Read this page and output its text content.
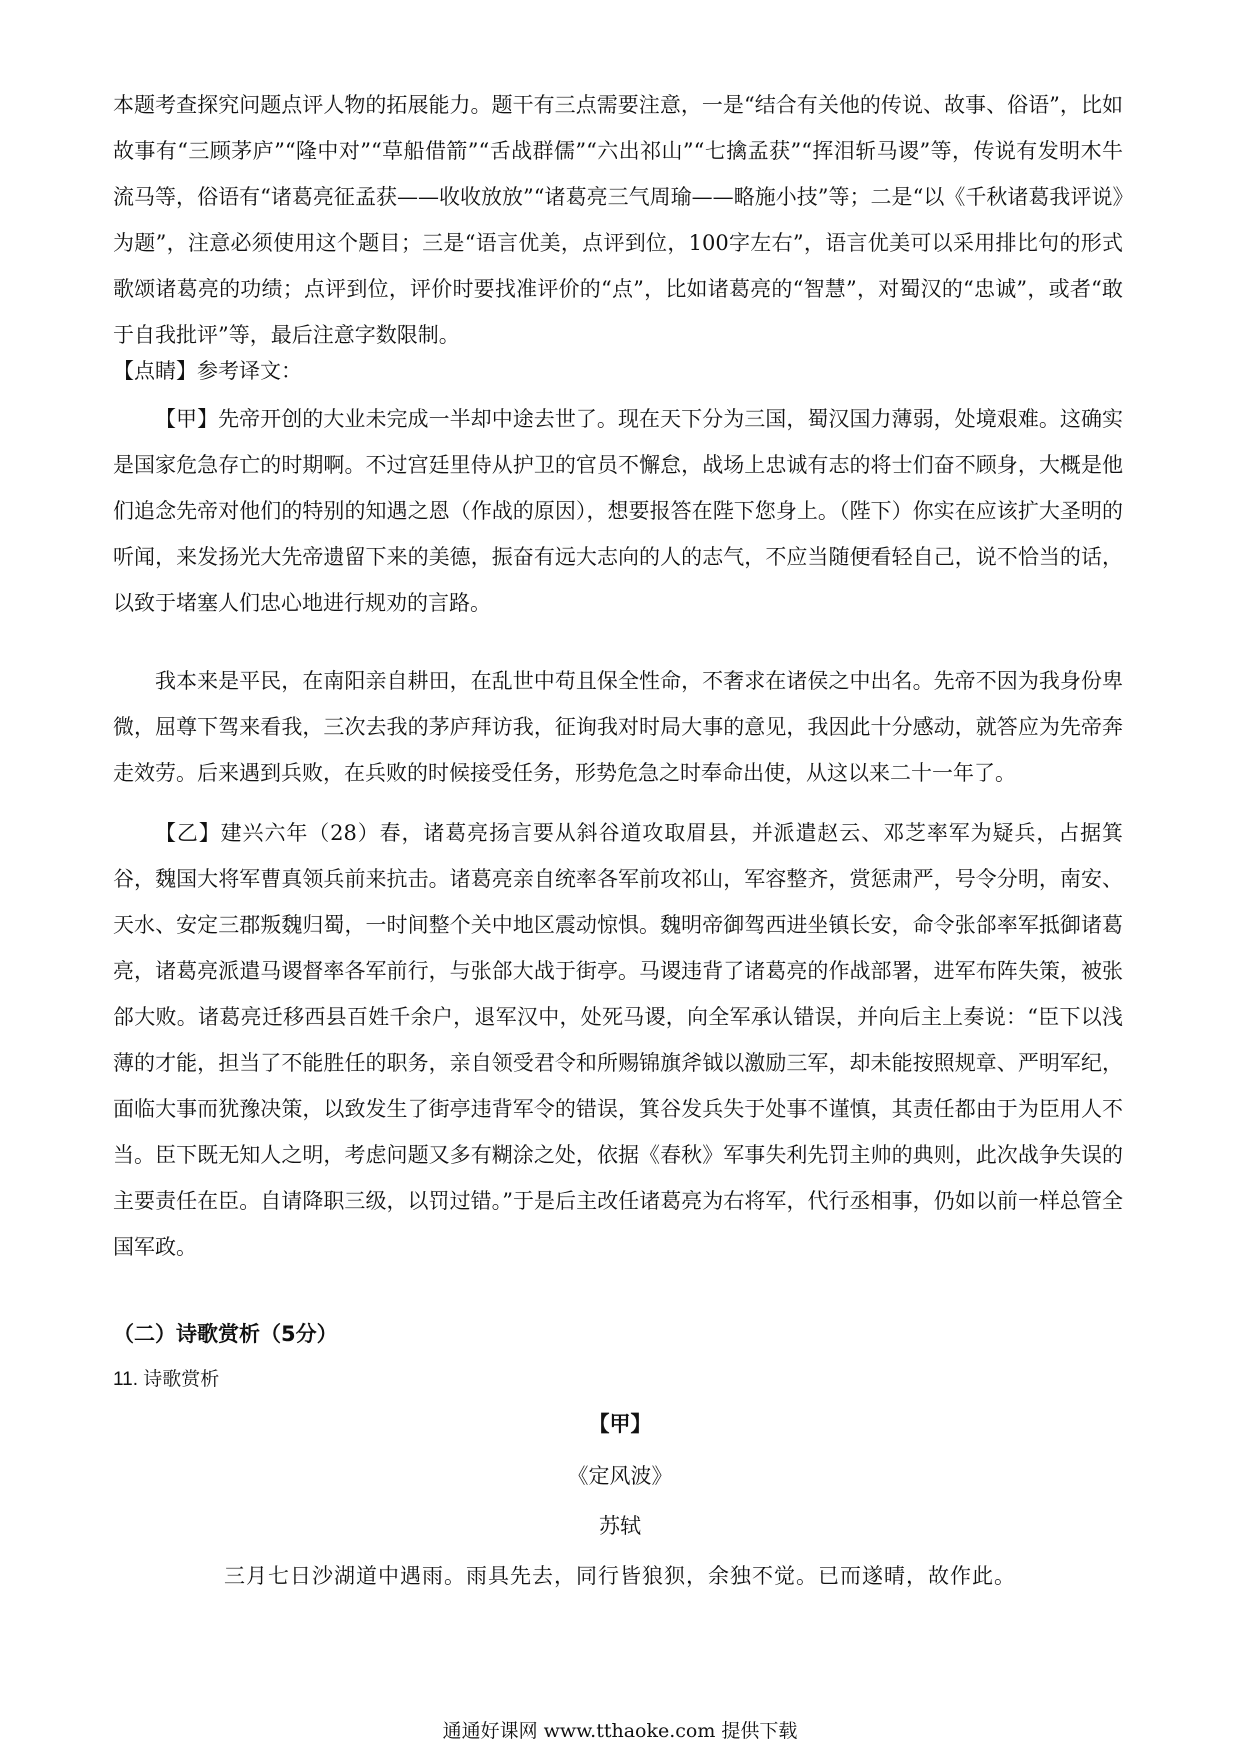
本题考查探究问题点评人物的拓展能力。题干有三点需要注意，一是“结合有关他的传说、故事、俗语”，比如故事有“三顾茅庐”“隆中对”“草船借箭”“舌战群儒”“六出祁山”“七擒孟获”“挥泪斩马谡”等，传说有发明木牛流马等，俗语有“诸葛亮征孟获——收收放放”“诸葛亮三气周瑜——略施小技”等；二是“以《千秋诸葛我评说》为题”，注意必须使用这个题目；三是“语言优美，点评到位，100字左右”，语言优美可以采用排比句的形式歌颂诸葛亮的功绩；点评到位，评价时要找准评价的“点”，比如诸葛亮的“智慧”，对蜀汉的“忠诚”，或者“敢于自我批评”等，最后注意字数限制。

【点睛】参考译文：

【甲】先帝开创的大业未完成一半却中途去世了。现在天下分为三国，蜀汉国力薄弱，处境艰难。这确实是国家危急存亡的时期啊。不过宫廷里侍从护卫的官员不懈怠，战场上忠诚有志的将士们奋不顾身，大概是他们追念先帝对他们的特别的知遇之恩（作战的原因），想要报答在陛下您身上。（陛下）你实在应该扩大圣明的听闻，来发扬光大先帝遗留下来的美德，振奋有远大志向的人的志气，不应当随便看轻自己，说不恰当的话，以致于堵塞人们忠心地进行规劝的言路。

我本来是平民，在南阳亲自耕田，在乱世中苟且保全性命，不奢求在诸侯之中出名。先帝不因为我身份卑微，屈尊下驾来看我，三次去我的茅庐拜访我，征询我对时局大事的意见，我因此十分感动，就答应为先帝奔走效劳。后来遇到兵败，在兵败的时候接受任务，形势危急之时奉命出使，从这以来二十一年了。

【乙】建兴六年（28）春，诸葛亮扬言要从斜谷道攻取眉县，并派遣赵云、邓芝率军为疑兵，占据箕谷，魏国大将军曹真领兵前来抗击。诸葛亮亲自统率各军前攻祁山，军容整齐，赏惩肃严，号令分明，南安、天水、安定三郡叛魏归蜀，一时间整个关中地区震动惊惧。魏明帝御驾西进坐镇长安，命令张郃率军抵御诸葛亮，诸葛亮派遣马谡督率各军前行，与张郃大战于街亭。马谡违背了诸葛亮的作战部署，进军布阵失策，被张郃大败。诸葛亮迁移西县百姓千余户，退军汉中，处死马谡，向全军承认错误，并向后主上奏说：“臣下以浅薄的才能，担当了不能胜任的职务，亲自领受君令和所赐锦旗斧钺以激励三军，却未能按照规章、严明军纪，面临大事而犹豫决策，以致发生了街亭违背军令的错误，箕谷发兵失于处事不谨慎，其责任都由于为臣用人不当。臣下既无知人之明，考虑问题又多有糊涂之处，依据《春秋》军事失利先罚主帅的典则，此次战争失误的主要责任在臣。自请降职三级，以罚过错。”于是后主改任诸葛亮为右将军，代行丞相事，仍如以前一样总管全国军政。

（二）诗歌赏析（5分）

11. 诗歌赏析

【甲】

《定风波》

苏轼

三月七日沙湖道中遇雨。雨具先去，同行皆狼狈，余独不觉。已而遂晴，故作此。

通通好课网 www.tthaoke.com 提供下载
